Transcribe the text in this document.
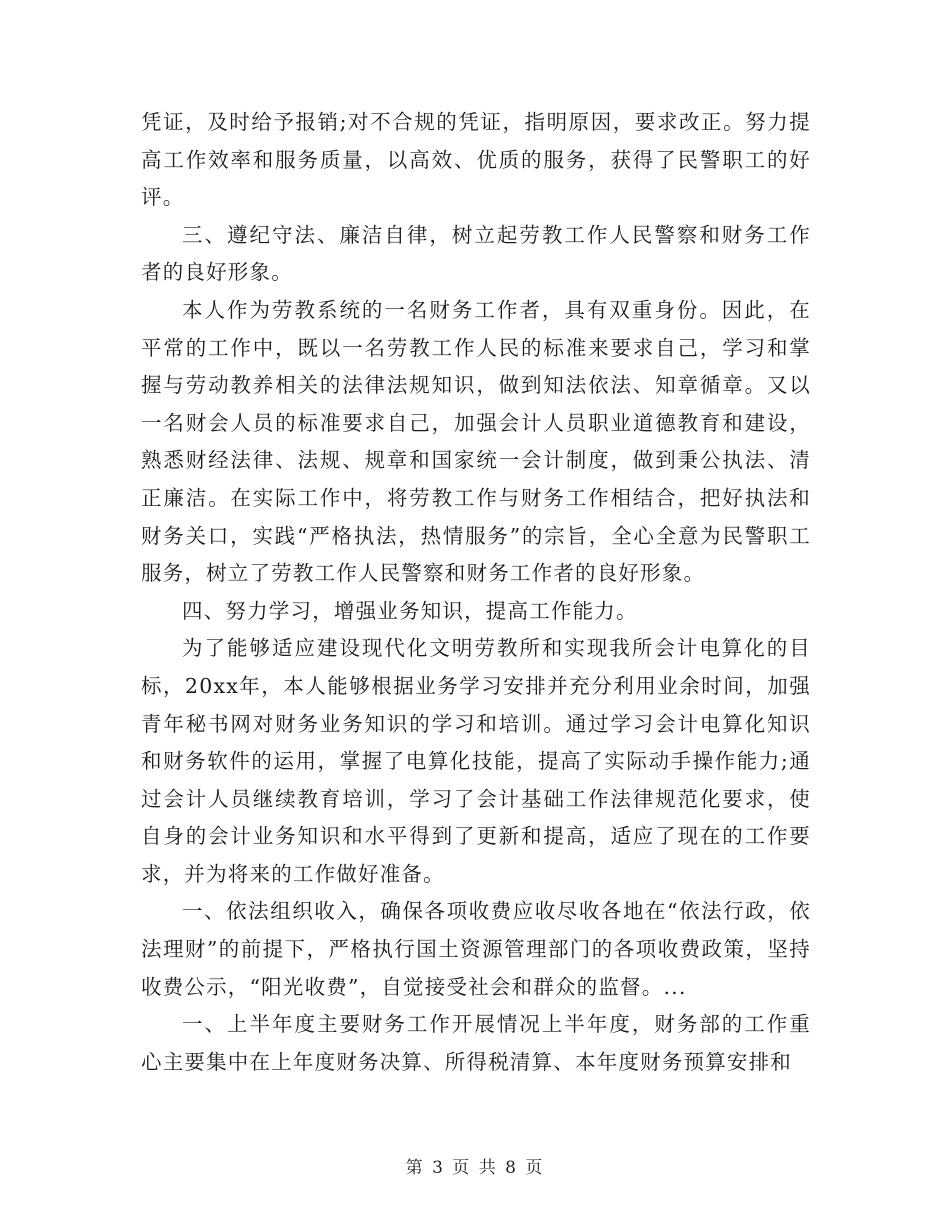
凭证，及时给予报销;对不合规的凭证，指明原因，要求改正。努力提高工作效率和服务质量，以高效、优质的服务，获得了民警职工的好评。

三、遵纪守法、廉洁自律，树立起劳教工作人民警察和财务工作者的良好形象。

本人作为劳教系统的一名财务工作者，具有双重身份。因此，在平常的工作中，既以一名劳教工作人民的标准来要求自己，学习和掌握与劳动教养相关的法律法规知识，做到知法依法、知章循章。又以一名财会人员的标准要求自己，加强会计人员职业道德教育和建设，熟悉财经法律、法规、规章和国家统一会计制度，做到秉公执法、清正廉洁。在实际工作中，将劳教工作与财务工作相结合，把好执法和财务关口，实践“严格执法，热情服务”的宗旨，全心全意为民警职工服务，树立了劳教工作人民警察和财务工作者的良好形象。

四、努力学习，增强业务知识，提高工作能力。

为了能够适应建设现代化文明劳教所和实现我所会计电算化的目标，20xx年，本人能够根据业务学习安排并充分利用业余时间，加强青年秘书网对财务业务知识的学习和培训。通过学习会计电算化知识和财务软件的运用，掌握了电算化技能，提高了实际动手操作能力;通过会计人员继续教育培训，学习了会计基础工作法律规范化要求，使自身的会计业务知识和水平得到了更新和提高，适应了现在的工作要求，并为将来的工作做好准备。

一、依法组织收入，确保各项收费应收尽收各地在“依法行政，依法理财”的前提下，严格执行国土资源管理部门的各项收费政策，坚持收费公示，“阳光收费”，自觉接受社会和群众的监督。...

一、上半年度主要财务工作开展情况上半年度，财务部的工作重心主要集中在上年度财务决算、所得税清算、本年度财务预算安排和

第 3 页 共 8 页
